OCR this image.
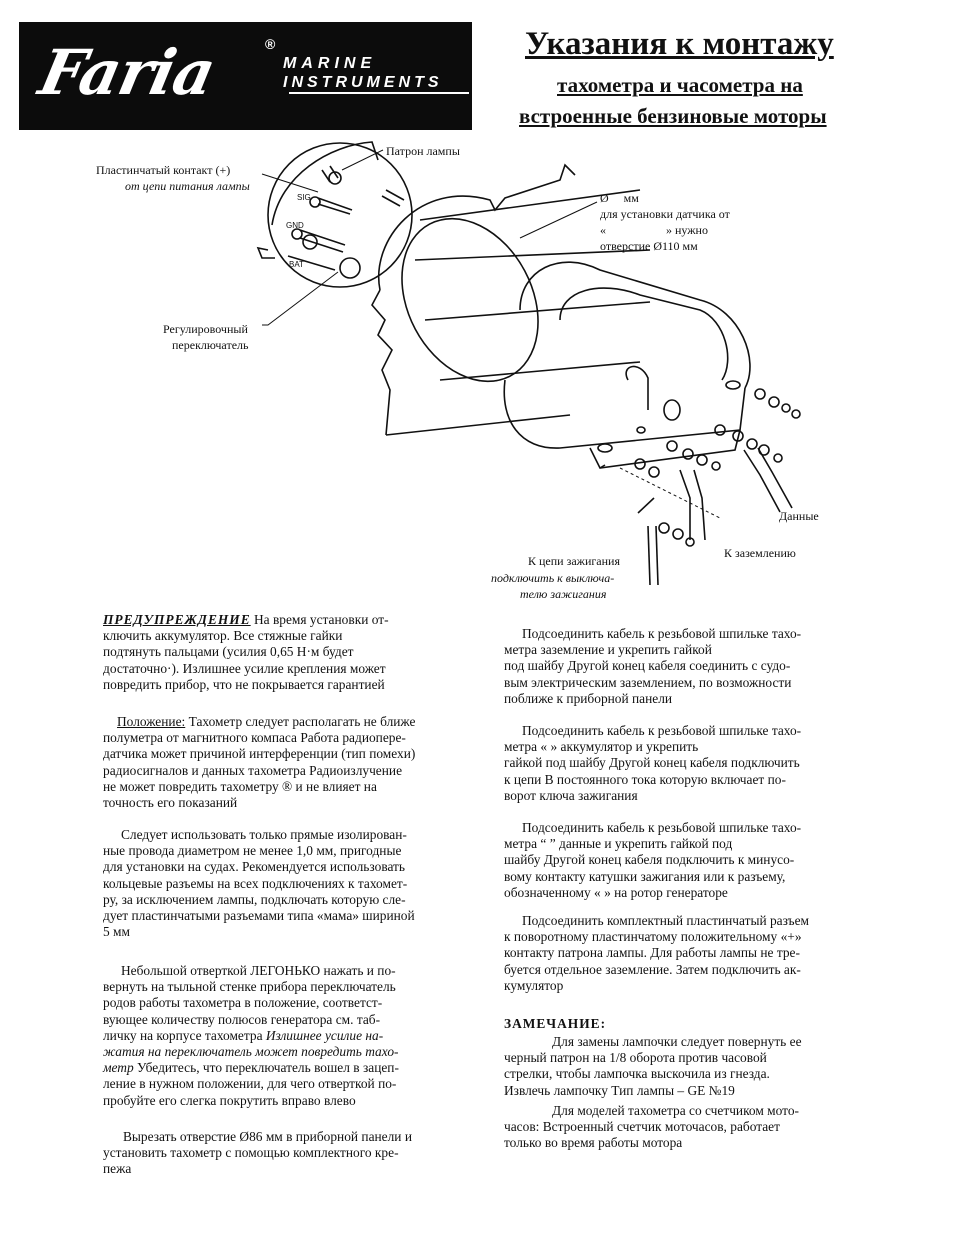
Faria	®
MARINE
INSTRUMENTS
Указания к монтажу
тахометра и часометра на
встроенные бензиновые моторы
SIG
GND
BAT
Патрон лампы
Пластинчатый контакт (+)
от цепи питания лампы
Регулировочный
переключатель
Ø     мм
для установки датчика от
«                    » нужно
отверстие Ø110 мм
Данные
К заземлению
К цепи зажигания
подключить к выключа-
телю зажигания
ПРЕДУПРЕЖДЕНИЕ На время установки от-
ключить аккумулятор. Все стяжные гайки
подтянуть пальцами (усилия 0,65 Н·м будет
достаточно·). Излишнее усилие крепления может
повредить прибор, что не покрывается гарантией
Положение: Тахометр следует располагать не ближе
полуметра от магнитного компаса Работа радиопере-
датчика может причиной интерференции (тип помехи)
радиосигналов и данных тахометра Радиоизлучение
не может повредить тахометру ® и не влияет на
точность его показаний
Следует использовать только прямые изолирован-
ные провода диаметром не менее 1,0 мм, пригодные
для установки на судах. Рекомендуется использовать
кольцевые разъемы на всех подключениях к тахомет-
ру, за исключением лампы, подключать которую сле-
дует пластинчатыми разъемами типа «мама» шириной
5 мм
Небольшой отверткой ЛЕГОНЬКО нажать и по-
вернуть на тыльной стенке прибора переключатель
родов работы тахометра в положение, соответст-
вующее количеству полюсов генератора см. таб-
личку на корпусе тахометра Излишнее усилие на-
жатия на переключатель может повредить тахо-
метр Убедитесь, что переключатель вошел в зацеп-
ление в нужном положении, для чего отверткой по-
пробуйте его слегка покрутить вправо влево
Вырезать отверстие Ø86 мм в приборной панели и
установить тахометр с помощью комплектного кре-
пежа
Подсоединить кабель к резьбовой шпильке тахо-
метра заземление и укрепить гайкой
под шайбу Другой конец кабеля соединить с судо-
вым электрическим заземлением, по возможности
поближе к приборной панели
Подсоединить кабель к резьбовой шпильке тахо-
метра « » аккумулятор и укрепить
гайкой под шайбу Другой конец кабеля подключить
к цепи В постоянного тока которую включает по-
ворот ключа зажигания
Подсоединить кабель к резьбовой шпильке тахо-
метра “ ” данные и укрепить гайкой под
шайбу Другой конец кабеля подключить к минусо-
вому контакту катушки зажигания или к разъему,
обозначенному « » на ротор генераторе
Подсоединить комплектный пластинчатый разъем
к поворотному пластинчатому положительному «+»
контакту патрона лампы. Для работы лампы не тре-
буется отдельное заземление. Затем подключить ак-
кумулятор
ЗАМЕЧАНИЕ:
Для замены лампочки следует повернуть ее
черный патрон на 1/8 оборота против часовой
стрелки, чтобы лампочка выскочила из гнезда.
Извлечь лампочку Тип лампы – GE №19
Для моделей тахометра со счетчиком мото-
часов: Встроенный счетчик моточасов, работает
только во время работы мотора
